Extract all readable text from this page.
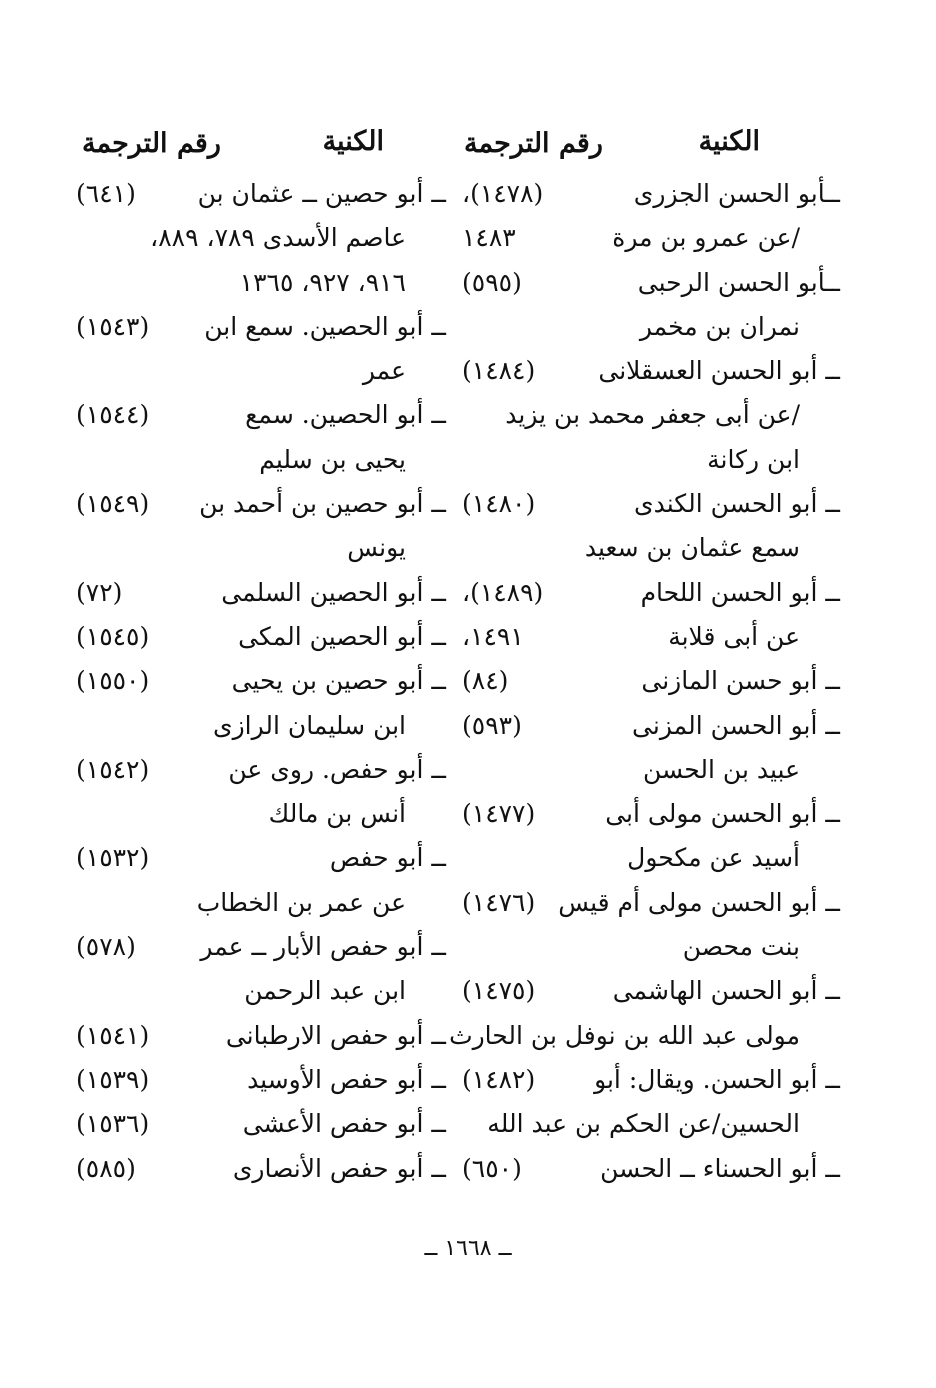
الكنية
رقم الترجمة
ــأبو الحسن الجزرى
(١٤٧٨)،
/عن عمرو بن مرة
١٤٨٣
ــأبو الحسن الرحبى
(٥٩٥)
نمران بن مخمر
ــ أبو الحسن العسقلانى
(١٤٨٤)
/عن أبى جعفر محمد بن يزيد
ابن ركانة
ــ أبو الحسن الكندى
(١٤٨٠)
سمع عثمان بن سعيد
ــ أبو الحسن اللحام
(١٤٨٩)،
عن أبى قلابة
١٤٩١،
ــ أبو حسن المازنى
(٨٤)
ــ أبو الحسن المزنى
(٥٩٣)
عبيد بن الحسن
ــ أبو الحسن مولى أبى
(١٤٧٧)
أسيد عن مكحول
ــ أبو الحسن مولى أم قيس
(١٤٧٦)
بنت محصن
ــ أبو الحسن الهاشمى
(١٤٧٥)
مولى عبد الله بن نوفل بن الحارث
ــ أبو الحسن. ويقال: أبو
(١٤٨٢)
الحسين/عن الحكم بن عبد الله
ــ أبو الحسناء ــ الحسن
(٦٥٠)
الكنية
رقم الترجمة
ــ أبو حصين ــ عثمان بن
(٦٤١)
عاصم الأسدى ٧٨٩، ٨٨٩،
٩١٦، ٩٢٧، ١٣٦٥
ــ أبو الحصين. سمع ابن
(١٥٤٣)
عمر
ــ أبو الحصين. سمع
(١٥٤٤)
يحيى بن سليم
ــ أبو حصين بن أحمد بن
(١٥٤٩)
يونس
ــ أبو الحصين السلمى
(٧٢)
ــ أبو الحصين المكى
(١٥٤٥)
ــ أبو حصين بن يحيى
(١٥٥٠)
ابن سليمان الرازى
ــ أبو حفص. روى عن
(١٥٤٢)
أنس بن مالك
ــ أبو حفص
(١٥٣٢)
عن عمر بن الخطاب
ــ أبو حفص الأبار ــ عمر
(٥٧٨)
ابن عبد الرحمن
ــ أبو حفص الارطبانى
(١٥٤١)
ــ أبو حفص الأوسيد
(١٥٣٩)
ــ أبو حفص الأعشى
(١٥٣٦)
ــ أبو حفص الأنصارى
(٥٨٥)
ــ ١٦٦٨ ــ
